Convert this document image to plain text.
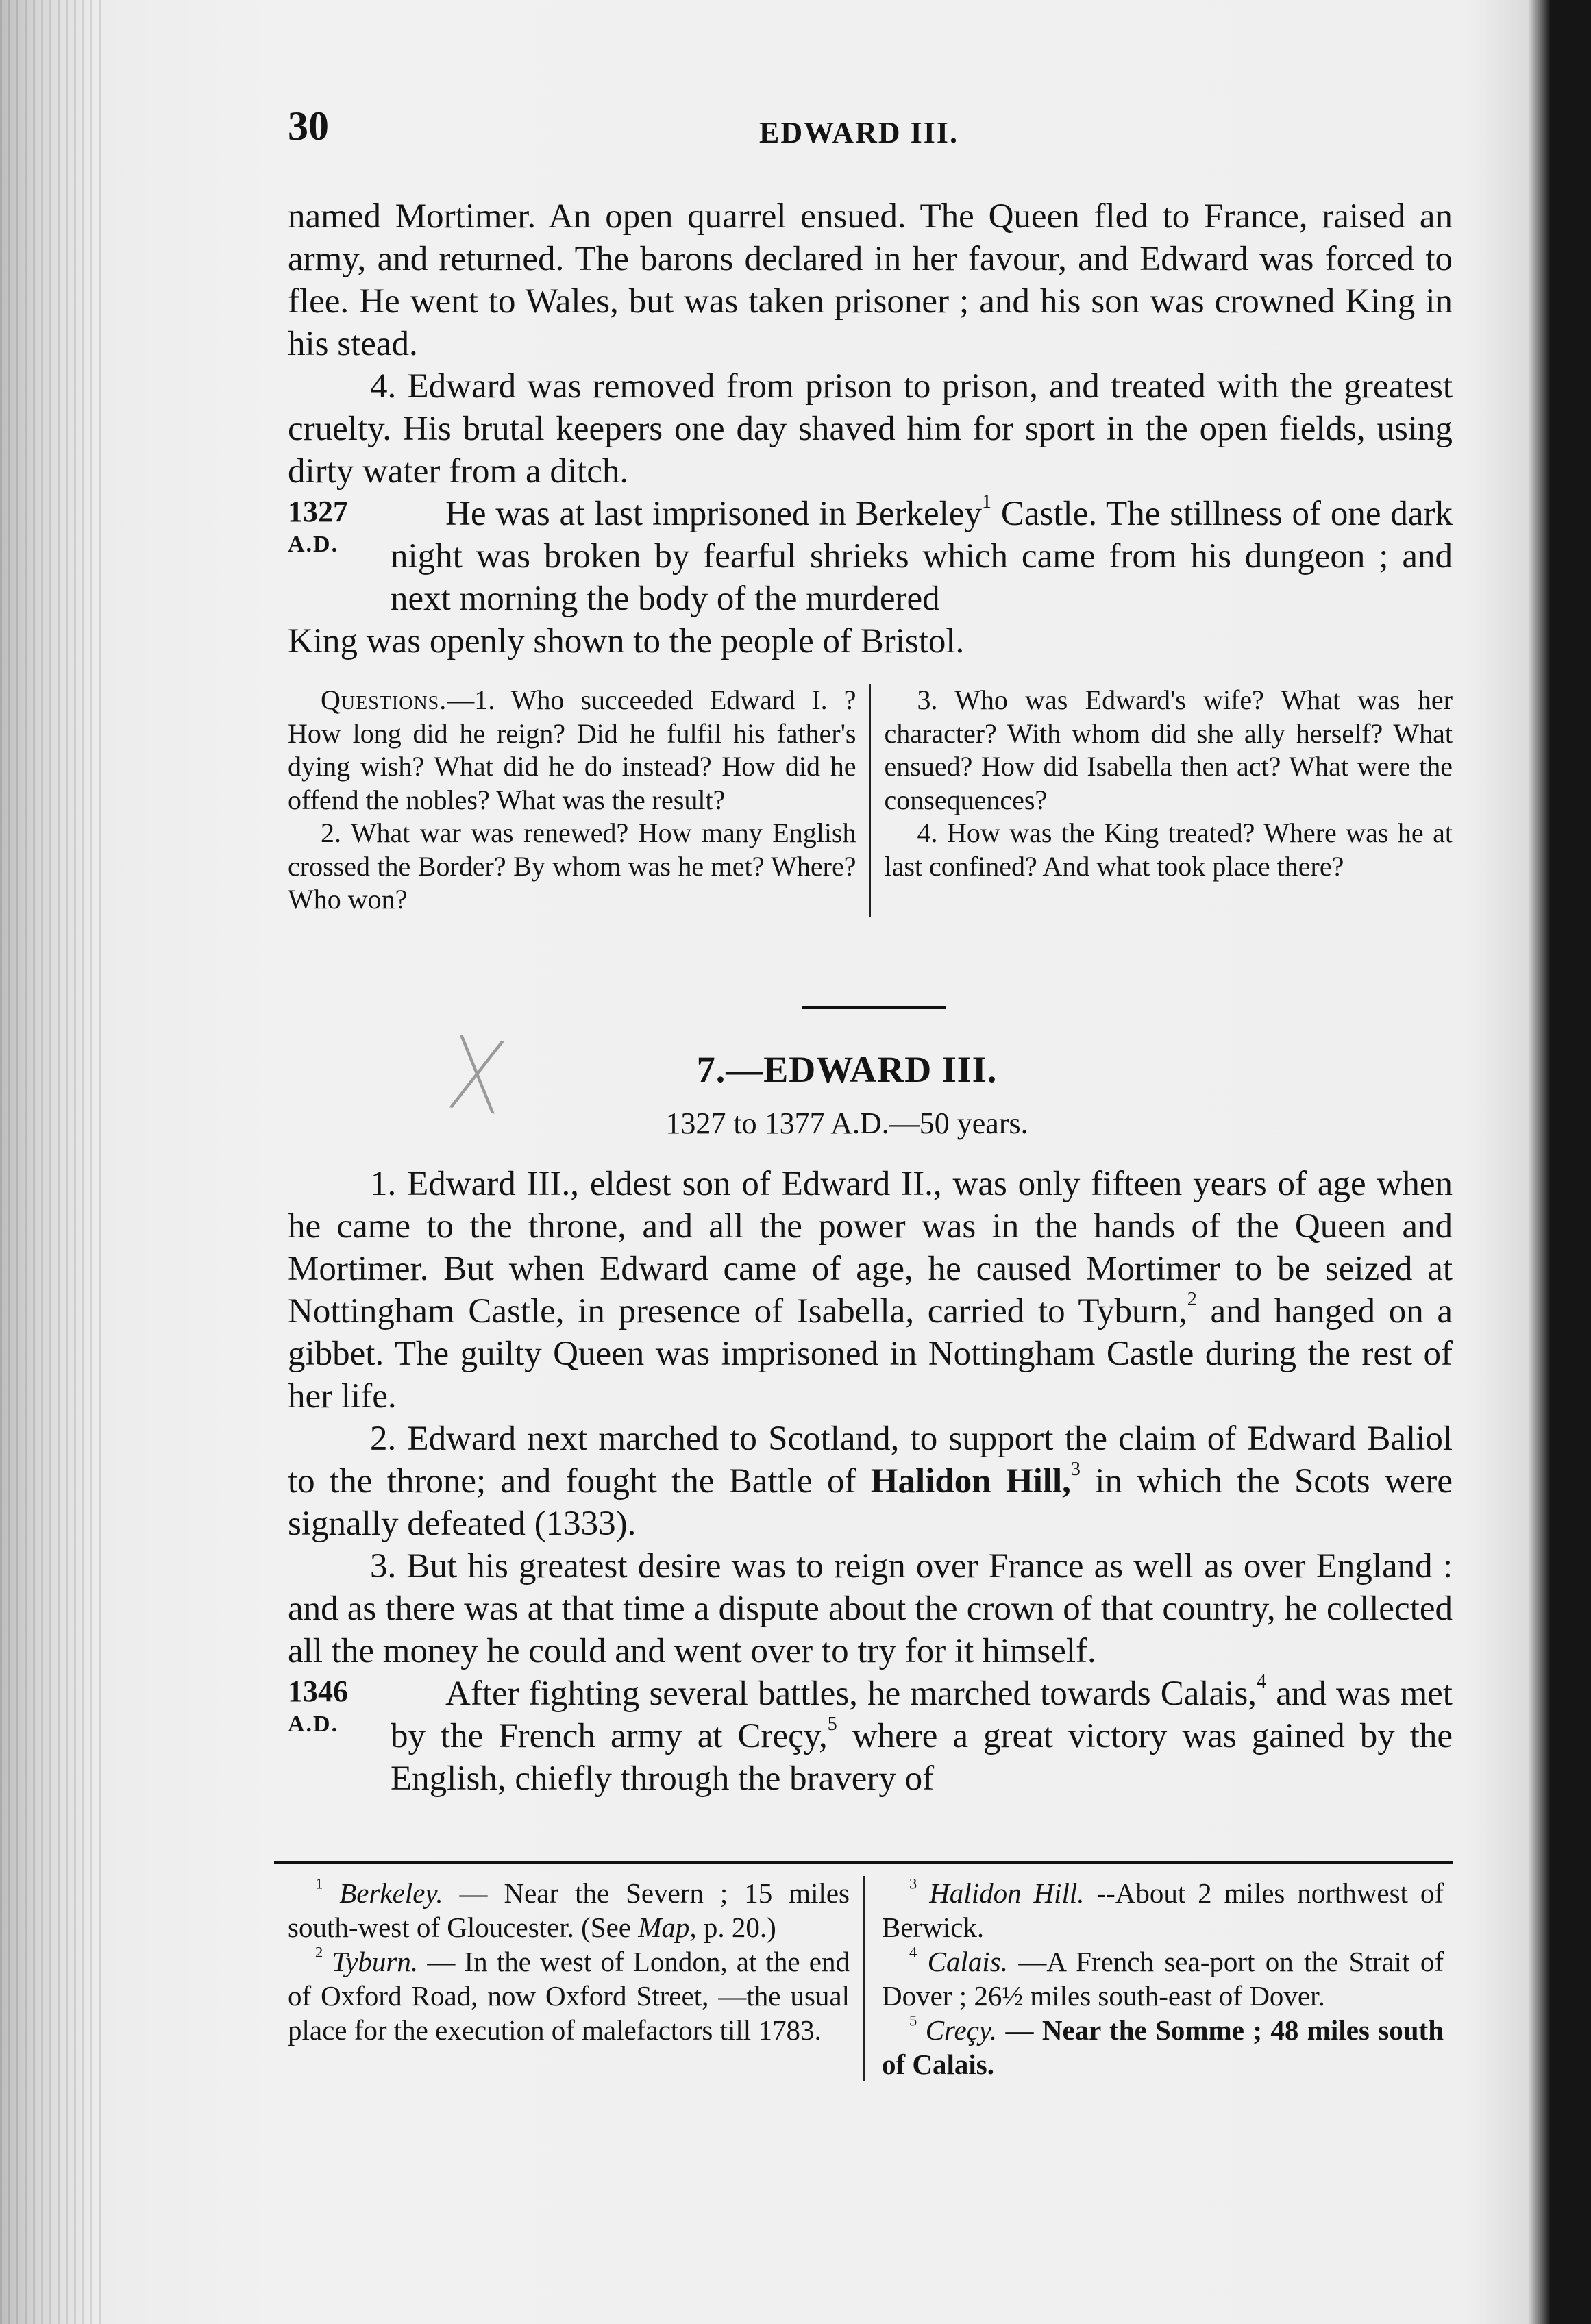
30	EDWARD III.
named Mortimer. An open quarrel ensued. The Queen fled to France, raised an army, and returned. The barons declared in her favour, and Edward was forced to flee. He went to Wales, but was taken prisoner ; and his son was crowned King in his stead.
4. Edward was removed from prison to prison, and treated with the greatest cruelty. His brutal keepers one day shaved him for sport in the open fields, using dirty water from a ditch.
1327
A.D.
He was at last imprisoned in Berkeley$^1$ Castle. The stillness of one dark night was broken by fearful shrieks which came from his dungeon ; and next morning the body of the murdered
King was openly shown to the people of Bristol.
Questions.—1. Who succeeded Edward I. ? How long did he reign? Did he fulfil his father's dying wish? What did he do instead? How did he offend the nobles? What was the result?
2. What war was renewed? How many English crossed the Border? By whom was he met? Where? Who won?
3. Who was Edward's wife? What was her character? With whom did she ally herself? What ensued? How did Isabella then act? What were the consequences?
4. How was the King treated? Where was he at last confined? And what took place there?
ᚷ	7.—EDWARD III.
1327 to 1377 A.D.—50 years.
1. Edward III., eldest son of Edward II., was only fifteen years of age when he came to the throne, and all the power was in the hands of the Queen and Mortimer. But when Edward came of age, he caused Mortimer to be seized at Nottingham Castle, in presence of Isabella, carried to Tyburn,$^2$ and hanged on a gibbet. The guilty Queen was imprisoned in Nottingham Castle during the rest of her life.
2. Edward next marched to Scotland, to support the claim of Edward Baliol to the throne; and fought the Battle of Halidon Hill,$^3$ in which the Scots were signally defeated (1333).
3. But his greatest desire was to reign over France as well as over England : and as there was at that time a dispute about the crown of that country, he collected all the money he could and went over to try for it himself.
1346
A.D.
After fighting several battles, he marched towards Calais,$^4$ and was met by the French army at Creçy,$^5$ where a great victory was gained by the English, chiefly through the bravery of
$^1$ Berkeley. — Near the Severn ; 15 miles south-west of Gloucester. (See Map, p. 20.)
$^2$ Tyburn. — In the west of London, at the end of Oxford Road, now Oxford Street, —the usual place for the execution of malefactors till 1783.
$^3$ Halidon Hill. --About 2 miles northwest of Berwick.
$^4$ Calais. —A French sea-port on the Strait of Dover ; 26½ miles south-east of Dover.
$^5$ Creçy. — Near the Somme ; 48 miles south of Calais.
